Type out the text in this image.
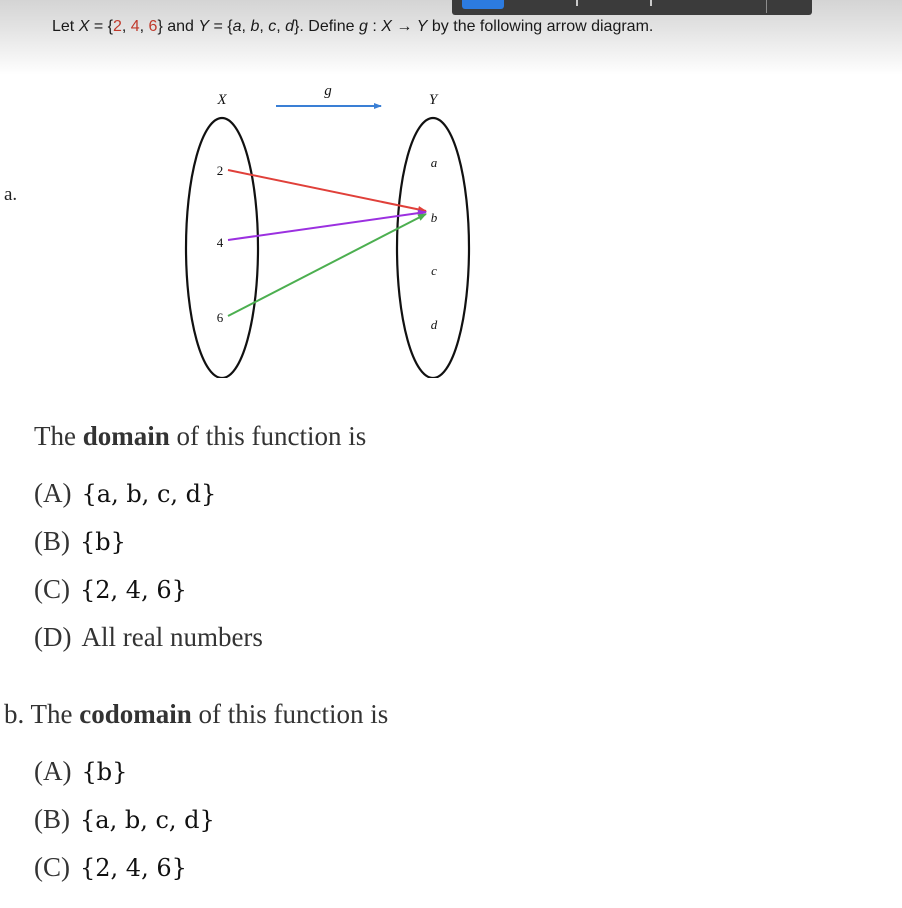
Let X = {2, 4, 6} and Y = {a, b, c, d}. Define g : X → Y by the following arrow diagram.
a.
X	Y
g
2
4
6
a
b
c
d
The domain of this function is
(A) {a, b, c, d}
(B) {b}
(C) {2, 4, 6}
(D) All real numbers
b. The codomain of this function is
(A) {b}
(B) {a, b, c, d}
(C) {2, 4, 6}
